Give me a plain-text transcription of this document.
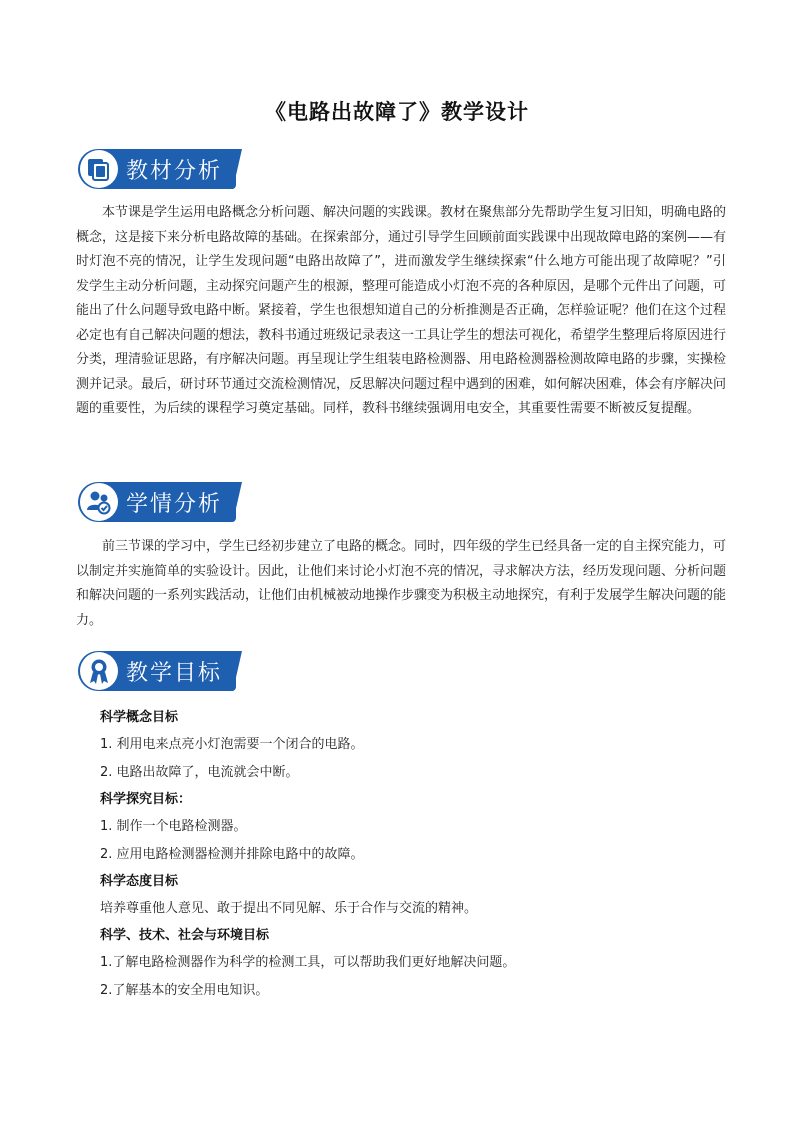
《电路出故障了》教学设计
教材分析

本节课是学生运用电路概念分析问题、解决问题的实践课。教材在聚焦部分先帮助学生复习旧知，明确电路的概念，这是接下来分析电路故障的基础。在探索部分，通过引导学生回顾前面实践课中出现故障电路的案例——有时灯泡不亮的情况，让学生发现问题“电路出故障了”，进而激发学生继续探索“什么地方可能出现了故障呢？”引发学生主动分析问题，主动探究问题产生的根源，整理可能造成小灯泡不亮的各种原因，是哪个元件出了问题，可能出了什么问题导致电路中断。紧接着，学生也很想知道自己的分析推测是否正确，怎样验证呢？他们在这个过程必定也有自己解决问题的想法，教科书通过班级记录表这一工具让学生的想法可视化，希望学生整理后将原因进行分类，理清验证思路，有序解决问题。再呈现让学生组装电路检测器、用电路检测器检测故障电路的步骤，实操检测并记录。最后，研讨环节通过交流检测情况，反思解决问题过程中遇到的困难，如何解决困难，体会有序解决问题的重要性，为后续的课程学习奠定基础。同样，教科书继续强调用电安全，其重要性需要不断被反复提醒。

学情分析

前三节课的学习中，学生已经初步建立了电路的概念。同时，四年级的学生已经具备一定的自主探究能力，可以制定并实施简单的实验设计。因此，让他们来讨论小灯泡不亮的情况，寻求解决方法，经历发现问题、分析问题和解决问题的一系列实践活动，让他们由机械被动地操作步骤变为积极主动地探究，有利于发展学生解决问题的能力。

教学目标
科学概念目标
1. 利用电来点亮小灯泡需要一个闭合的电路。
2. 电路出故障了，电流就会中断。
科学探究目标：
1. 制作一个电路检测器。
2. 应用电路检测器检测并排除电路中的故障。
科学态度目标
培养尊重他人意见、敢于提出不同见解、乐于合作与交流的精神。
科学、技术、社会与环境目标
1.了解电路检测器作为科学的检测工具，可以帮助我们更好地解决问题。
2.了解基本的安全用电知识。
